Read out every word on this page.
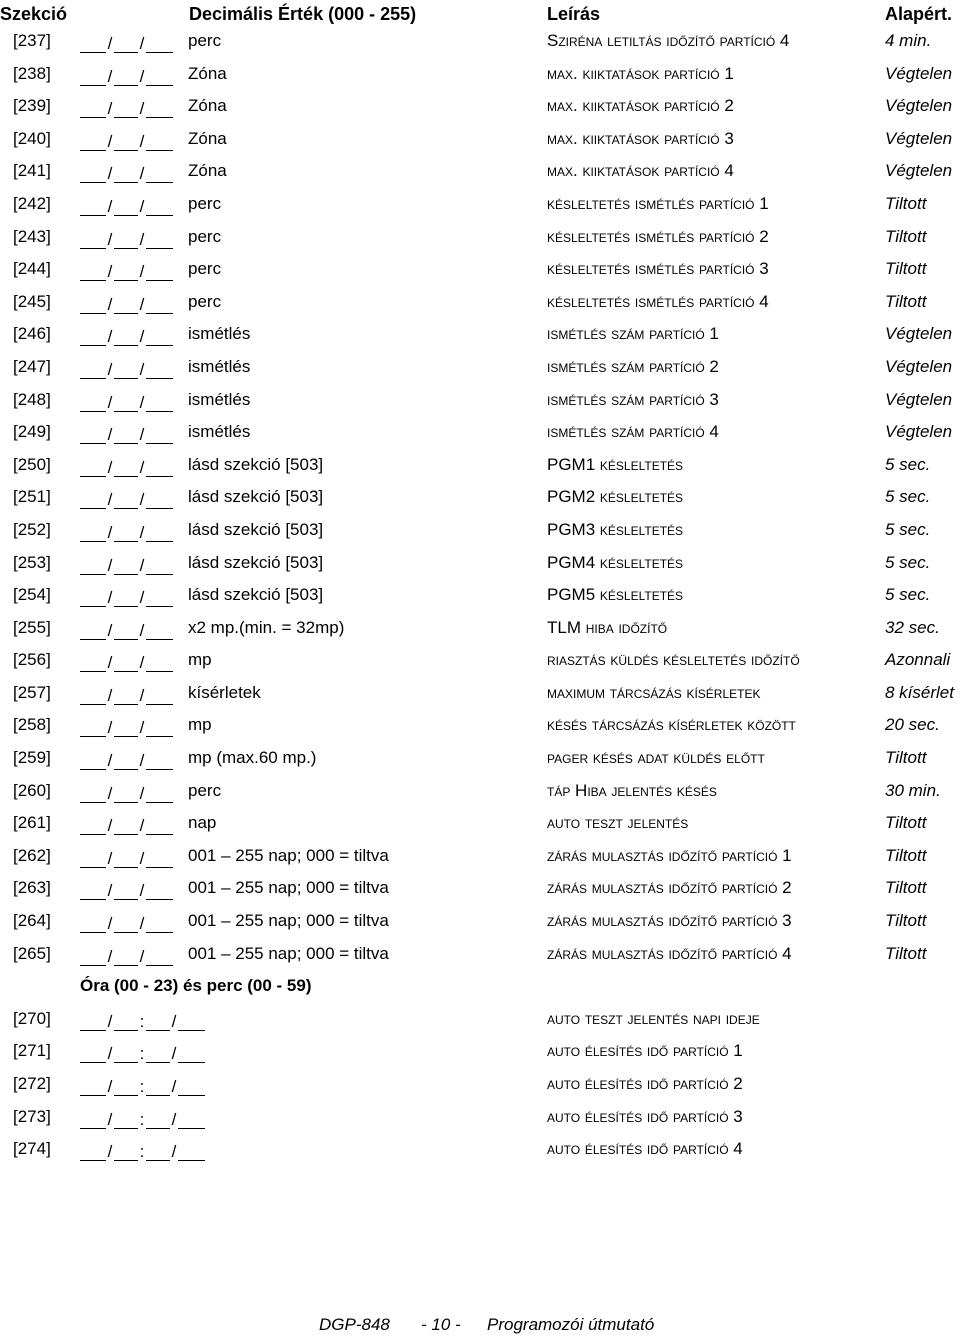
Szekció	Decimális Érték (000 - 255)	Leírás	Alapért.
[237]	/ /	perc	Sziréna letiltás időzítő partíció 4	4 min.
[238]	/ /	Zóna	max. kiiktatások partíció 1	Végtelen
[239]	/ /	Zóna	max. kiiktatások partíció 2	Végtelen
[240]	/ /	Zóna	max. kiiktatások partíció 3	Végtelen
[241]	/ /	Zóna	max. kiiktatások partíció 4	Végtelen
[242]	/ /	perc	késleltetés ismétlés partíció 1	Tiltott
[243]	/ /	perc	késleltetés ismétlés partíció 2	Tiltott
[244]	/ /	perc	késleltetés ismétlés partíció 3	Tiltott
[245]	/ /	perc	késleltetés ismétlés partíció 4	Tiltott
[246]	/ /	ismétlés	ismétlés szám partíció 1	Végtelen
[247]	/ /	ismétlés	ismétlés szám partíció 2	Végtelen
[248]	/ /	ismétlés	ismétlés szám partíció 3	Végtelen
[249]	/ /	ismétlés	ismétlés szám partíció 4	Végtelen
[250]	/ /	lásd szekció [503]	PGM1 késleltetés	5 sec.
[251]	/ /	lásd szekció [503]	PGM2 késleltetés	5 sec.
[252]	/ /	lásd szekció [503]	PGM3 késleltetés	5 sec.
[253]	/ /	lásd szekció [503]	PGM4 késleltetés	5 sec.
[254]	/ /	lásd szekció [503]	PGM5 késleltetés	5 sec.
[255]	/ /	x2 mp.(min. = 32mp)	TLM hiba időzítő	32 sec.
[256]	/ /	mp	riasztás küldés késleltetés időzítő	Azonnali
[257]	/ /	kísérletek	maximum tárcsázás kísérletek	8 kísérlet
[258]	/ /	mp	késés tárcsázás kísérletek között	20 sec.
[259]	/ /	mp (max.60 mp.)	pager késés adat küldés előtt	Tiltott
[260]	/ /	perc	táp Hiba jelentés késés	30 min.
[261]	/ /	nap	auto teszt jelentés	Tiltott
[262]	/ /	001 – 255 nap; 000 = tiltva	zárás mulasztás időzítő partíció 1	Tiltott
[263]	/ /	001 – 255 nap; 000 = tiltva	zárás mulasztás időzítő partíció 2	Tiltott
[264]	/ /	001 – 255 nap; 000 = tiltva	zárás mulasztás időzítő partíció 3	Tiltott
[265]	/ /	001 – 255 nap; 000 = tiltva	zárás mulasztás időzítő partíció 4	Tiltott
Óra (00 - 23) és perc (00 - 59)
[270]	/ : /	auto teszt jelentés napi ideje
[271]	/ : /	auto élesítés idő partíció 1
[272]	/ : /	auto élesítés idő partíció 2
[273]	/ : /	auto élesítés idő partíció 3
[274]	/ : /	auto élesítés idő partíció 4
DGP-848 - 10 - Programozói útmutató
